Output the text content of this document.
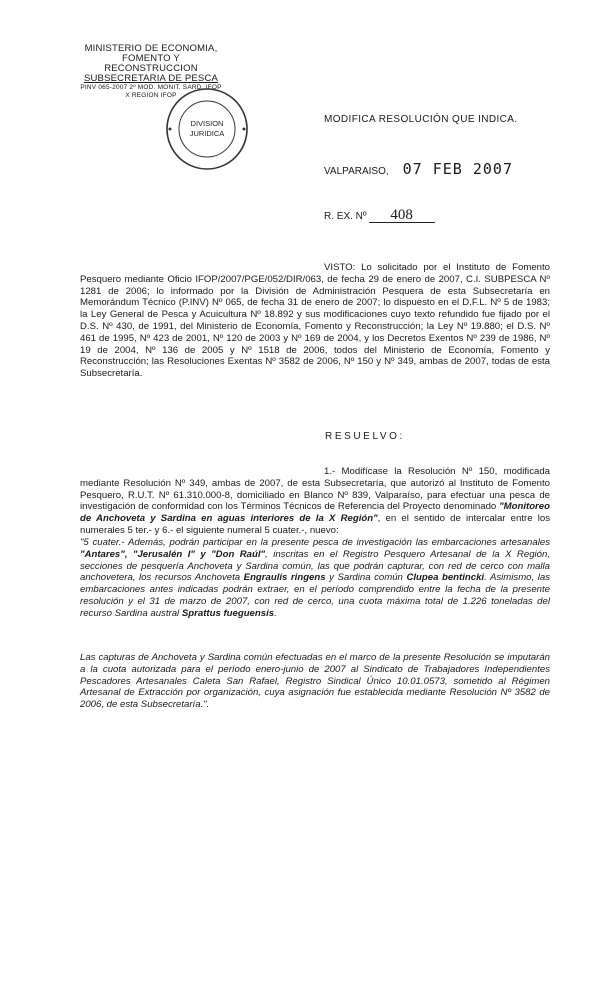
MINISTERIO DE ECONOMIA,
FOMENTO Y RECONSTRUCCION
SUBSECRETARIA DE PESCA
PINV 065-2007 2º MOD. MONIT. SARD. IFOP
X REGION IFOP
DIVISION
JURIDICA
MODIFICA RESOLUCIÓN QUE INDICA.
VALPARAISO, 07 FEB 2007
R. EX. Nº 408
VISTO: Lo solicitado por el Instituto de Fomento Pesquero mediante Oficio IFOP/2007/PGE/052/DIR/063, de fecha 29 de enero de 2007, C.I. SUBPESCA Nº 1281 de 2006; lo informado por la División de Administración Pesquera de esta Subsecretaría en Memorándum Técnico (P.INV) Nº 065, de fecha 31 de enero de 2007; lo dispuesto en el D.F.L. Nº 5 de 1983; la Ley General de Pesca y Acuicultura Nº 18.892 y sus modificaciones cuyo texto refundido fue fijado por el D.S. Nº 430, de 1991, del Ministerio de Economía, Fomento y Reconstrucción; la Ley Nº 19.880; el D.S. Nº 461 de 1995, Nº 423 de 2001, Nº 120 de 2003 y Nº 169 de 2004, y los Decretos Exentos Nº 239 de 1986, Nº 19 de 2004, Nº 136 de 2005 y Nº 1518 de 2006, todos del Ministerio de Economía, Fomento y Reconstrucción; las Resoluciones Exentas Nº 3582 de 2006, Nº 150 y Nº 349, ambas de 2007, todas de esta Subsecretaría.
RESUELVO:
1.- Modifícase la Resolución Nº 150, modificada mediante Resolución Nº 349, ambas de 2007, de esta Subsecretaría, que autorizó al Instituto de Fomento Pesquero, R.U.T. Nº 61.310.000-8, domiciliado en Blanco Nº 839, Valparaíso, para efectuar una pesca de investigación de conformidad con los Términos Técnicos de Referencia del Proyecto denominado "Monitoreo de Anchoveta y Sardina en aguas interiores de la X Región", en el sentido de intercalar entre los numerales 5 ter.- y 6.- el siguiente numeral 5 cuater.-, nuevo:
"5 cuater.- Además, podrán participar en la presente pesca de investigación las embarcaciones artesanales "Antares", "Jerusalén I" y "Don Raúl", inscritas en el Registro Pesquero Artesanal de la X Región, secciones de pesquería Anchoveta y Sardina común, las que podrán capturar, con red de cerco con malla anchovetera, los recursos Anchoveta Engraulis ringens y Sardina común Clupea bentincki. Asimismo, las embarcaciones antes indicadas podrán extraer, en el período comprendido entre la fecha de la presente resolución y el 31 de marzo de 2007, con red de cerco, una cuota máxima total de 1.226 toneladas del recurso Sardina austral Sprattus fueguensis.
Las capturas de Anchoveta y Sardina común efectuadas en el marco de la presente Resolución se imputarán a la cuota autorizada para el período enero-junio de 2007 al Sindicato de Trabajadores Independientes Pescadores Artesanales Caleta San Rafael, Registro Sindical Único 10.01.0573, sometido al Régimen Artesanal de Extracción por organización, cuya asignación fue establecida mediante Resolución Nº 3582 de 2006, de esta Subsecretaría.".
